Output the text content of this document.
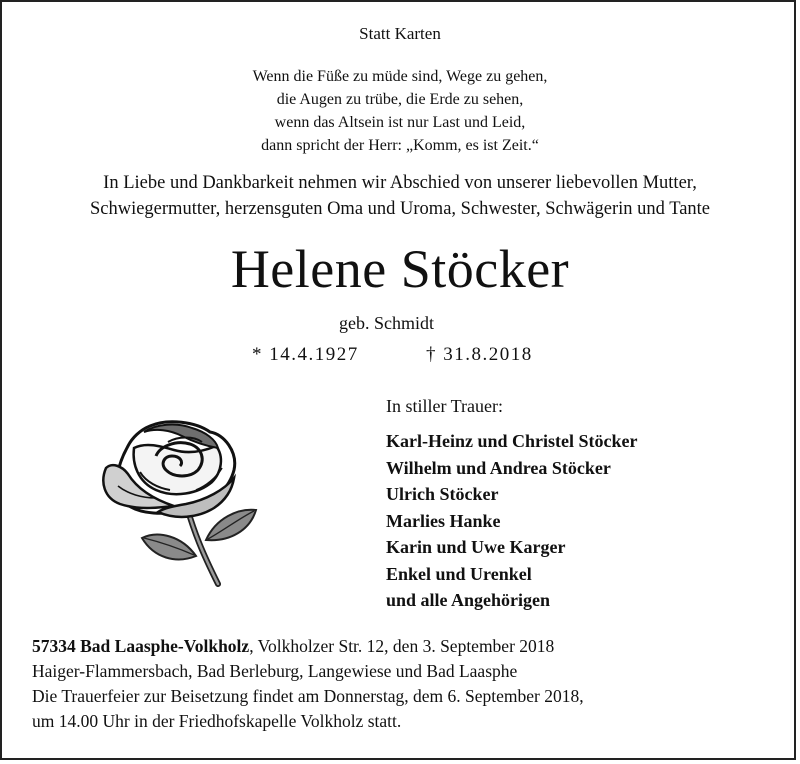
Statt Karten
Wenn die Füße zu müde sind, Wege zu gehen,
die Augen zu trübe, die Erde zu sehen,
wenn das Altsein ist nur Last und Leid,
dann spricht der Herr: „Komm, es ist Zeit.“
In Liebe und Dankbarkeit nehmen wir Abschied von unserer liebevollen Mutter,
Schwiegermutter, herzensguten Oma und Uroma, Schwester, Schwägerin und Tante
Helene Stöcker
geb. Schmidt
* 14.4.1927	† 31.8.2018
In stiller Trauer:
Karl-Heinz und Christel Stöcker
Wilhelm und Andrea Stöcker
Ulrich Stöcker
Marlies Hanke
Karin und Uwe Karger
Enkel und Urenkel
und alle Angehörigen
57334 Bad Laasphe-Volkholz, Volkholzer Str. 12, den 3. September 2018
Haiger-Flammersbach, Bad Berleburg, Langewiese und Bad Laasphe
Die Trauerfeier zur Beisetzung findet am Donnerstag, dem 6. September 2018,
um 14.00 Uhr in der Friedhofskapelle Volkholz statt.
